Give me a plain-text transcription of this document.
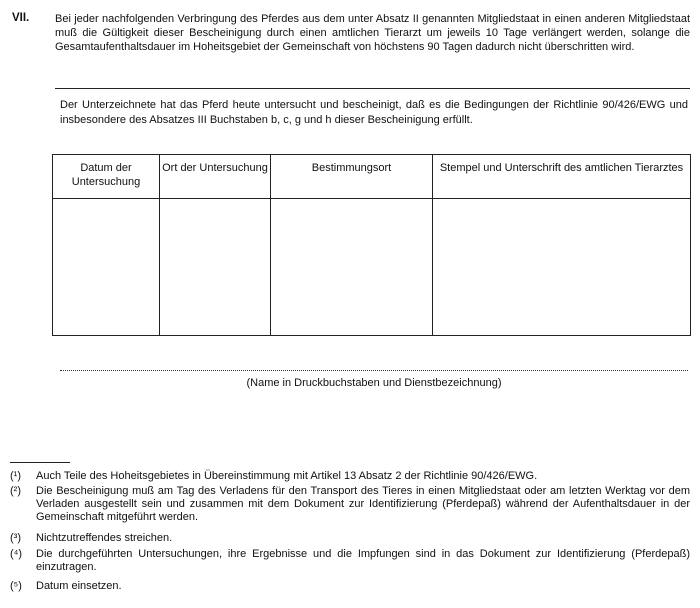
VII. Bei jeder nachfolgenden Verbringung des Pferdes aus dem unter Absatz II genannten Mitgliedstaat in einen anderen Mitgliedstaat muß die Gültigkeit dieser Bescheinigung durch einen amtlichen Tierarzt um jeweils 10 Tage verlängert werden, solange die Gesamtaufenthaltsdauer im Hoheitsgebiet der Gemeinschaft von höchstens 90 Tagen dadurch nicht überschritten wird.
Der Unterzeichnete hat das Pferd heute untersucht und bescheinigt, daß es die Bedingungen der Richtlinie 90/426/EWG und insbesondere des Absatzes III Buchstaben b, c, g und h dieser Bescheinigung erfüllt.
Datum der Untersuchung	Ort der Untersuchung	Bestimmungsort	Stempel und Unterschrift des amtlichen Tierarztes

(Name in Druckbuchstaben und Dienstbezeichnung)
(¹)	Auch Teile des Hoheitsgebietes in Übereinstimmung mit Artikel 13 Absatz 2 der Richtlinie 90/426/EWG.
(²)	Die Bescheinigung muß am Tag des Verladens für den Transport des Tieres in einen Mitgliedstaat oder am letzten Werktag vor dem Verladen ausgestellt sein und zusammen mit dem Dokument zur Identifizierung (Pferdepaß) während der Aufenthaltsdauer in der Gemeinschaft mitgeführt werden.
(³)	Nichtzutreffendes streichen.
(⁴)	Die durchgeführten Untersuchungen, ihre Ergebnisse und die Impfungen sind in das Dokument zur Identifizierung (Pferdepaß) einzutragen.
(⁵)	Datum einsetzen.
